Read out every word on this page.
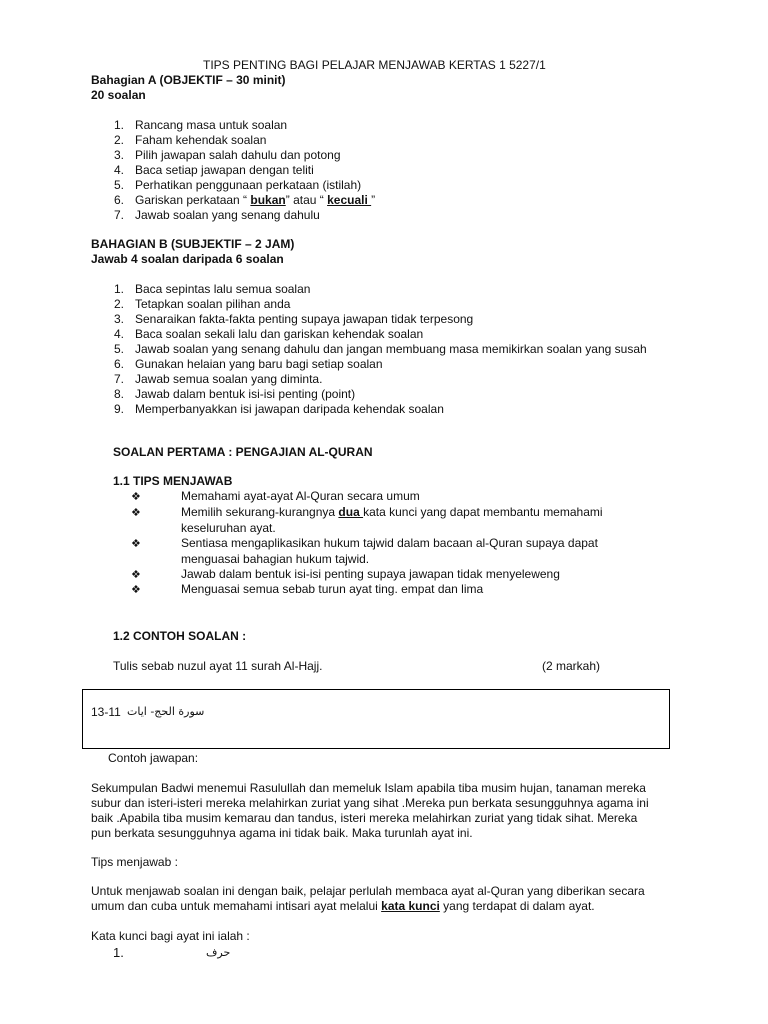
TIPS PENTING BAGI PELAJAR MENJAWAB KERTAS 1 5227/1
Bahagian A (OBJEKTIF – 30 minit)
20 soalan
1. Rancang masa untuk soalan
2. Faham kehendak soalan
3. Pilih jawapan salah dahulu dan potong
4. Baca setiap jawapan dengan teliti
5. Perhatikan penggunaan perkataan (istilah)
6. Gariskan perkataan “ bukan” atau “ kecuali ”
7. Jawab soalan yang senang dahulu
BAHAGIAN B (SUBJEKTIF – 2 JAM)
Jawab 4 soalan daripada 6 soalan
1. Baca sepintas lalu semua soalan
2. Tetapkan soalan pilihan anda
3. Senaraikan fakta-fakta penting supaya jawapan tidak terpesong
4. Baca soalan sekali lalu dan gariskan kehendak soalan
5. Jawab soalan yang senang dahulu dan jangan membuang masa memikirkan soalan yang susah
6. Gunakan helaian yang baru bagi setiap soalan
7. Jawab semua soalan yang diminta.
8. Jawab dalam bentuk isi-isi penting (point)
9. Memperbanyakkan isi jawapan daripada kehendak soalan
SOALAN PERTAMA : PENGAJIAN AL-QURAN
1.1 TIPS MENJAWAB
❖	Memahami ayat-ayat Al-Quran secara umum
❖	Memilih sekurang-kurangnya dua kata kunci yang dapat membantu memahami
keseluruhan ayat.
❖	Sentiasa mengaplikasikan hukum tajwid dalam bacaan al-Quran supaya dapat
menguasai bahagian hukum tajwid.
❖	Jawab dalam bentuk isi-isi penting supaya jawapan tidak menyeleweng
❖	Menguasai semua sebab turun ayat ting. empat dan lima
1.2 CONTOH SOALAN :
Tulis sebab nuzul ayat 11 surah Al-Hajj.	(2 markah)
13-11 سورة الحج- ايات
Contoh jawapan:
Sekumpulan Badwi menemui Rasulullah dan memeluk Islam apabila tiba musim hujan, tanaman mereka
subur dan isteri-isteri mereka melahirkan zuriat yang sihat .Mereka pun berkata sesungguhnya agama ini
baik .Apabila tiba musim kemarau dan tandus, isteri mereka melahirkan zuriat yang tidak sihat. Mereka
pun berkata sesungguhnya agama ini tidak baik. Maka turunlah ayat ini.
Tips menjawab :
Untuk menjawab soalan ini dengan baik, pelajar perlulah membaca ayat al-Quran yang diberikan secara
umum dan cuba untuk memahami intisari ayat melalui kata kunci yang terdapat di dalam ayat.
Kata kunci bagi ayat ini ialah :
1.	حرف
